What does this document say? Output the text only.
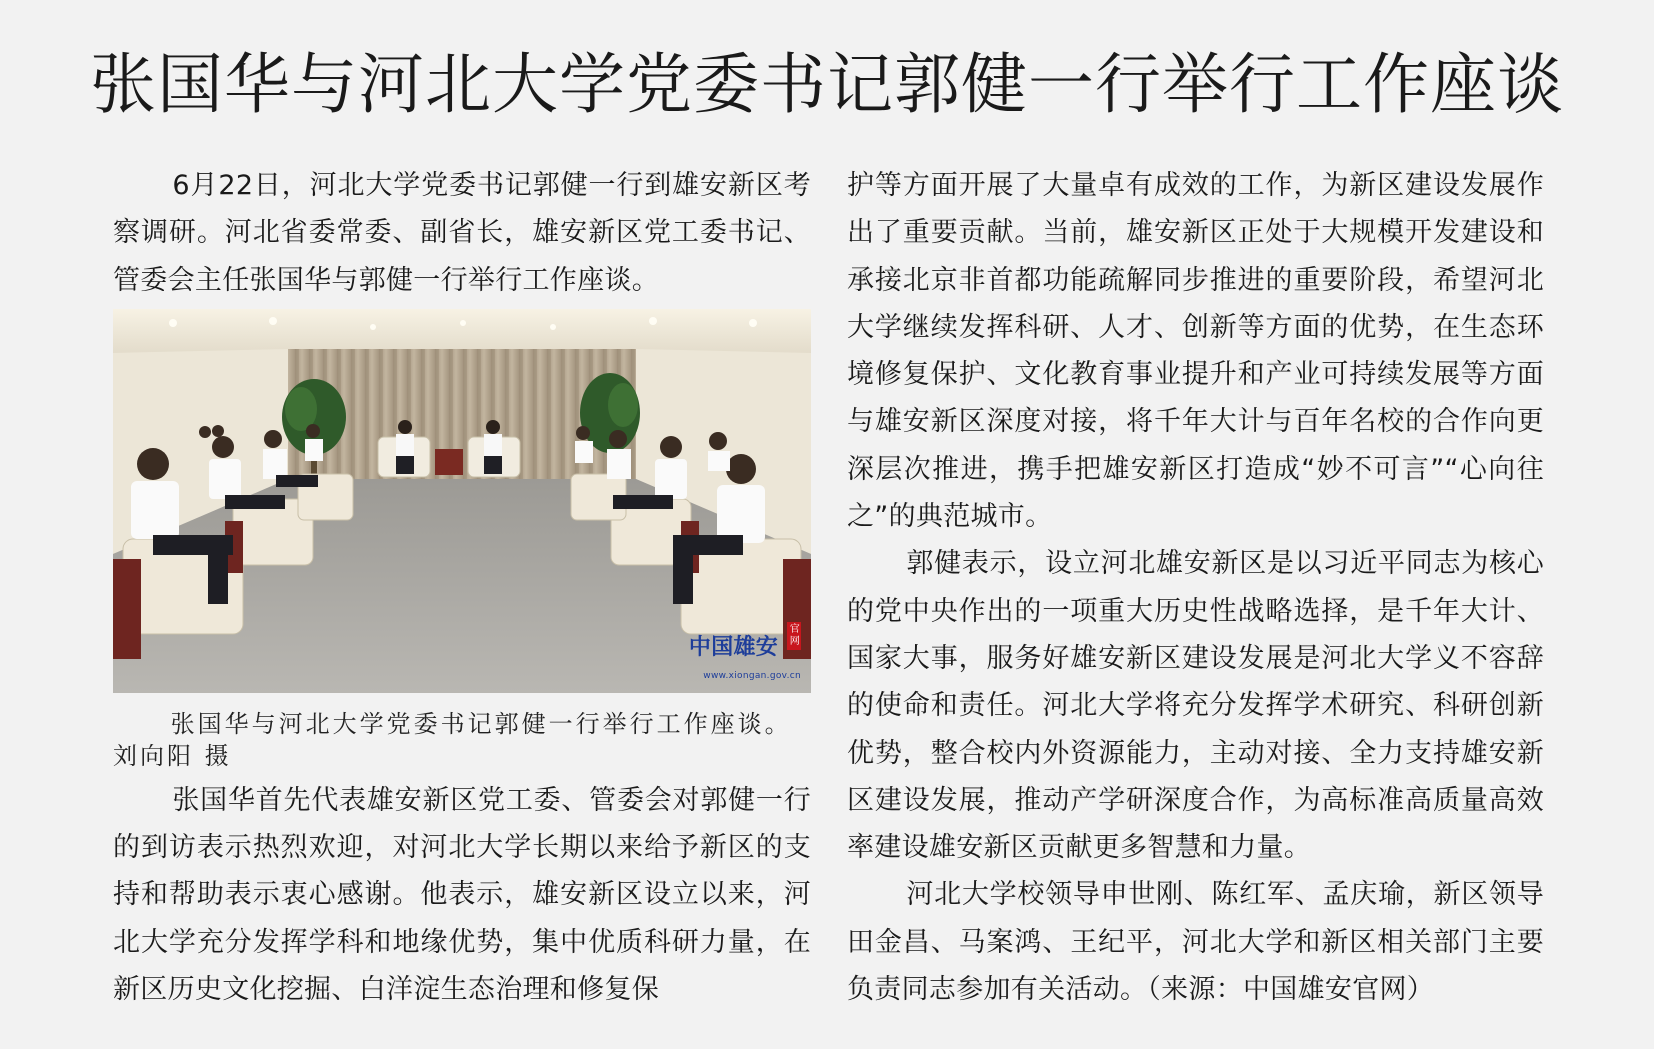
张国华与河北大学党委书记郭健一行举行工作座谈

6月22日，河北大学党委书记郭健一行到雄安新区考察调研。河北省委常委、副省长，雄安新区党工委书记、管委会主任张国华与郭健一行举行工作座谈。

中国雄安 官网
www.xiongan.gov.cn
张国华与河北大学党委书记郭健一行举行工作座谈。
刘向阳 摄

张国华首先代表雄安新区党工委、管委会对郭健一行的到访表示热烈欢迎，对河北大学长期以来给予新区的支持和帮助表示衷心感谢。他表示，雄安新区设立以来，河北大学充分发挥学科和地缘优势，集中优质科研力量，在新区历史文化挖掘、白洋淀生态治理和修复保

护等方面开展了大量卓有成效的工作，为新区建设发展作出了重要贡献。当前，雄安新区正处于大规模开发建设和承接北京非首都功能疏解同步推进的重要阶段，希望河北大学继续发挥科研、人才、创新等方面的优势，在生态环境修复保护、文化教育事业提升和产业可持续发展等方面与雄安新区深度对接，将千年大计与百年名校的合作向更深层次推进，携手把雄安新区打造成“妙不可言”“心向往之”的典范城市。

郭健表示，设立河北雄安新区是以习近平同志为核心的党中央作出的一项重大历史性战略选择，是千年大计、国家大事，服务好雄安新区建设发展是河北大学义不容辞的使命和责任。河北大学将充分发挥学术研究、科研创新优势，整合校内外资源能力，主动对接、全力支持雄安新区建设发展，推动产学研深度合作，为高标准高质量高效率建设雄安新区贡献更多智慧和力量。

河北大学校领导申世刚、陈红军、孟庆瑜，新区领导田金昌、马案鸿、王纪平，河北大学和新区相关部门主要负责同志参加有关活动。（来源：中国雄安官网）
